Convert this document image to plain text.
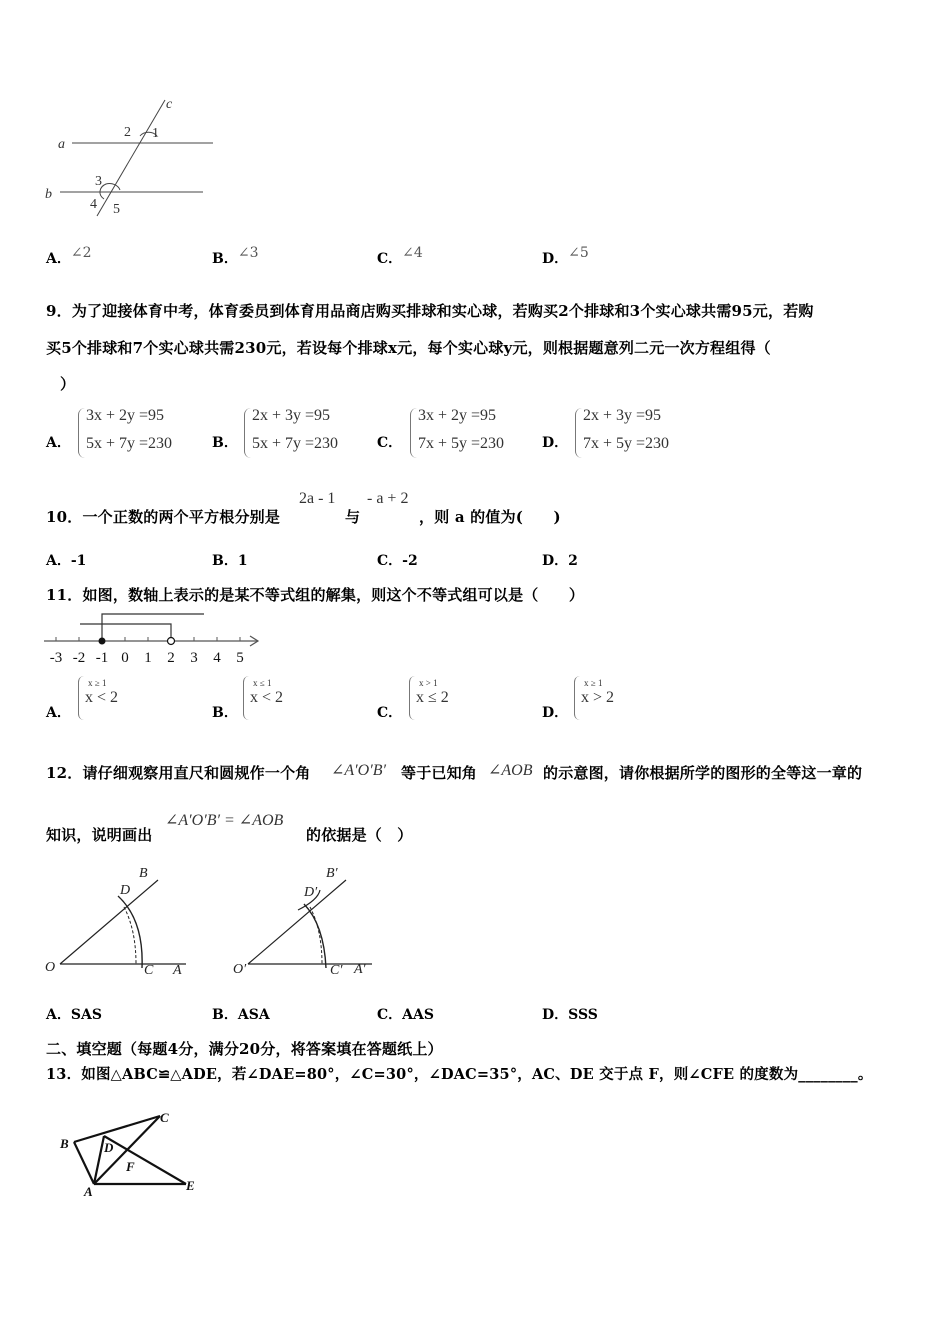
c
a
b
1
2
3
4 5
A．∠2	B．∠3	C．∠4	D．∠5
9．为了迎接体育中考，体育委员到体育用品商店购买排球和实心球，若购买2个排球和3个实心球共需95元，若购
买5个排球和7个实心球共需230元，若设每个排球x元，每个实心球y元，则根据题意列二元一次方程组得（
）
A．
3x + 2y =95
5x + 7y =230	B．
2x + 3y =95
5x + 7y =230	C．
3x + 2y =95
7x + 5y =230	D．
2x + 3y =95
7x + 5y =230
10．一个正数的两个平方根分别是
2a - 1
与
- a + 2
，则 a 的值为(　　)
A．-1	B．1	C．-2	D．2
11．如图，数轴上表示的是某不等式组的解集，则这个不等式组可以是（　　）
-3 -2 -1 0 1 2 3 4 5
A．
x ≥ 1
x < 2
B．
x ≤ 1
x < 2
C．
x > 1
x ≤ 2
D．
x ≥ 1
x > 2
12．请仔细观察用直尺和圆规作一个角 ∠A′O′B′ 等于已知角 ∠AOB 的示意图，请你根据所学的图形的全等这一章的
知识，说明画出
∠A′O′B′ = ∠AOB
的依据是（　）
B
D
O	C A
B′
D′
O′	C′ A′
A．SAS	B．ASA	C．AAS	D．SSS
二、填空题（每题4分，满分20分，将答案填在答题纸上）
13．如图△ABC≌△ADE，若∠DAE=80°，∠C=30°，∠DAC=35°，AC、DE 交于点 F，则∠CFE 的度数为________。
B
C
D
F
A	E
